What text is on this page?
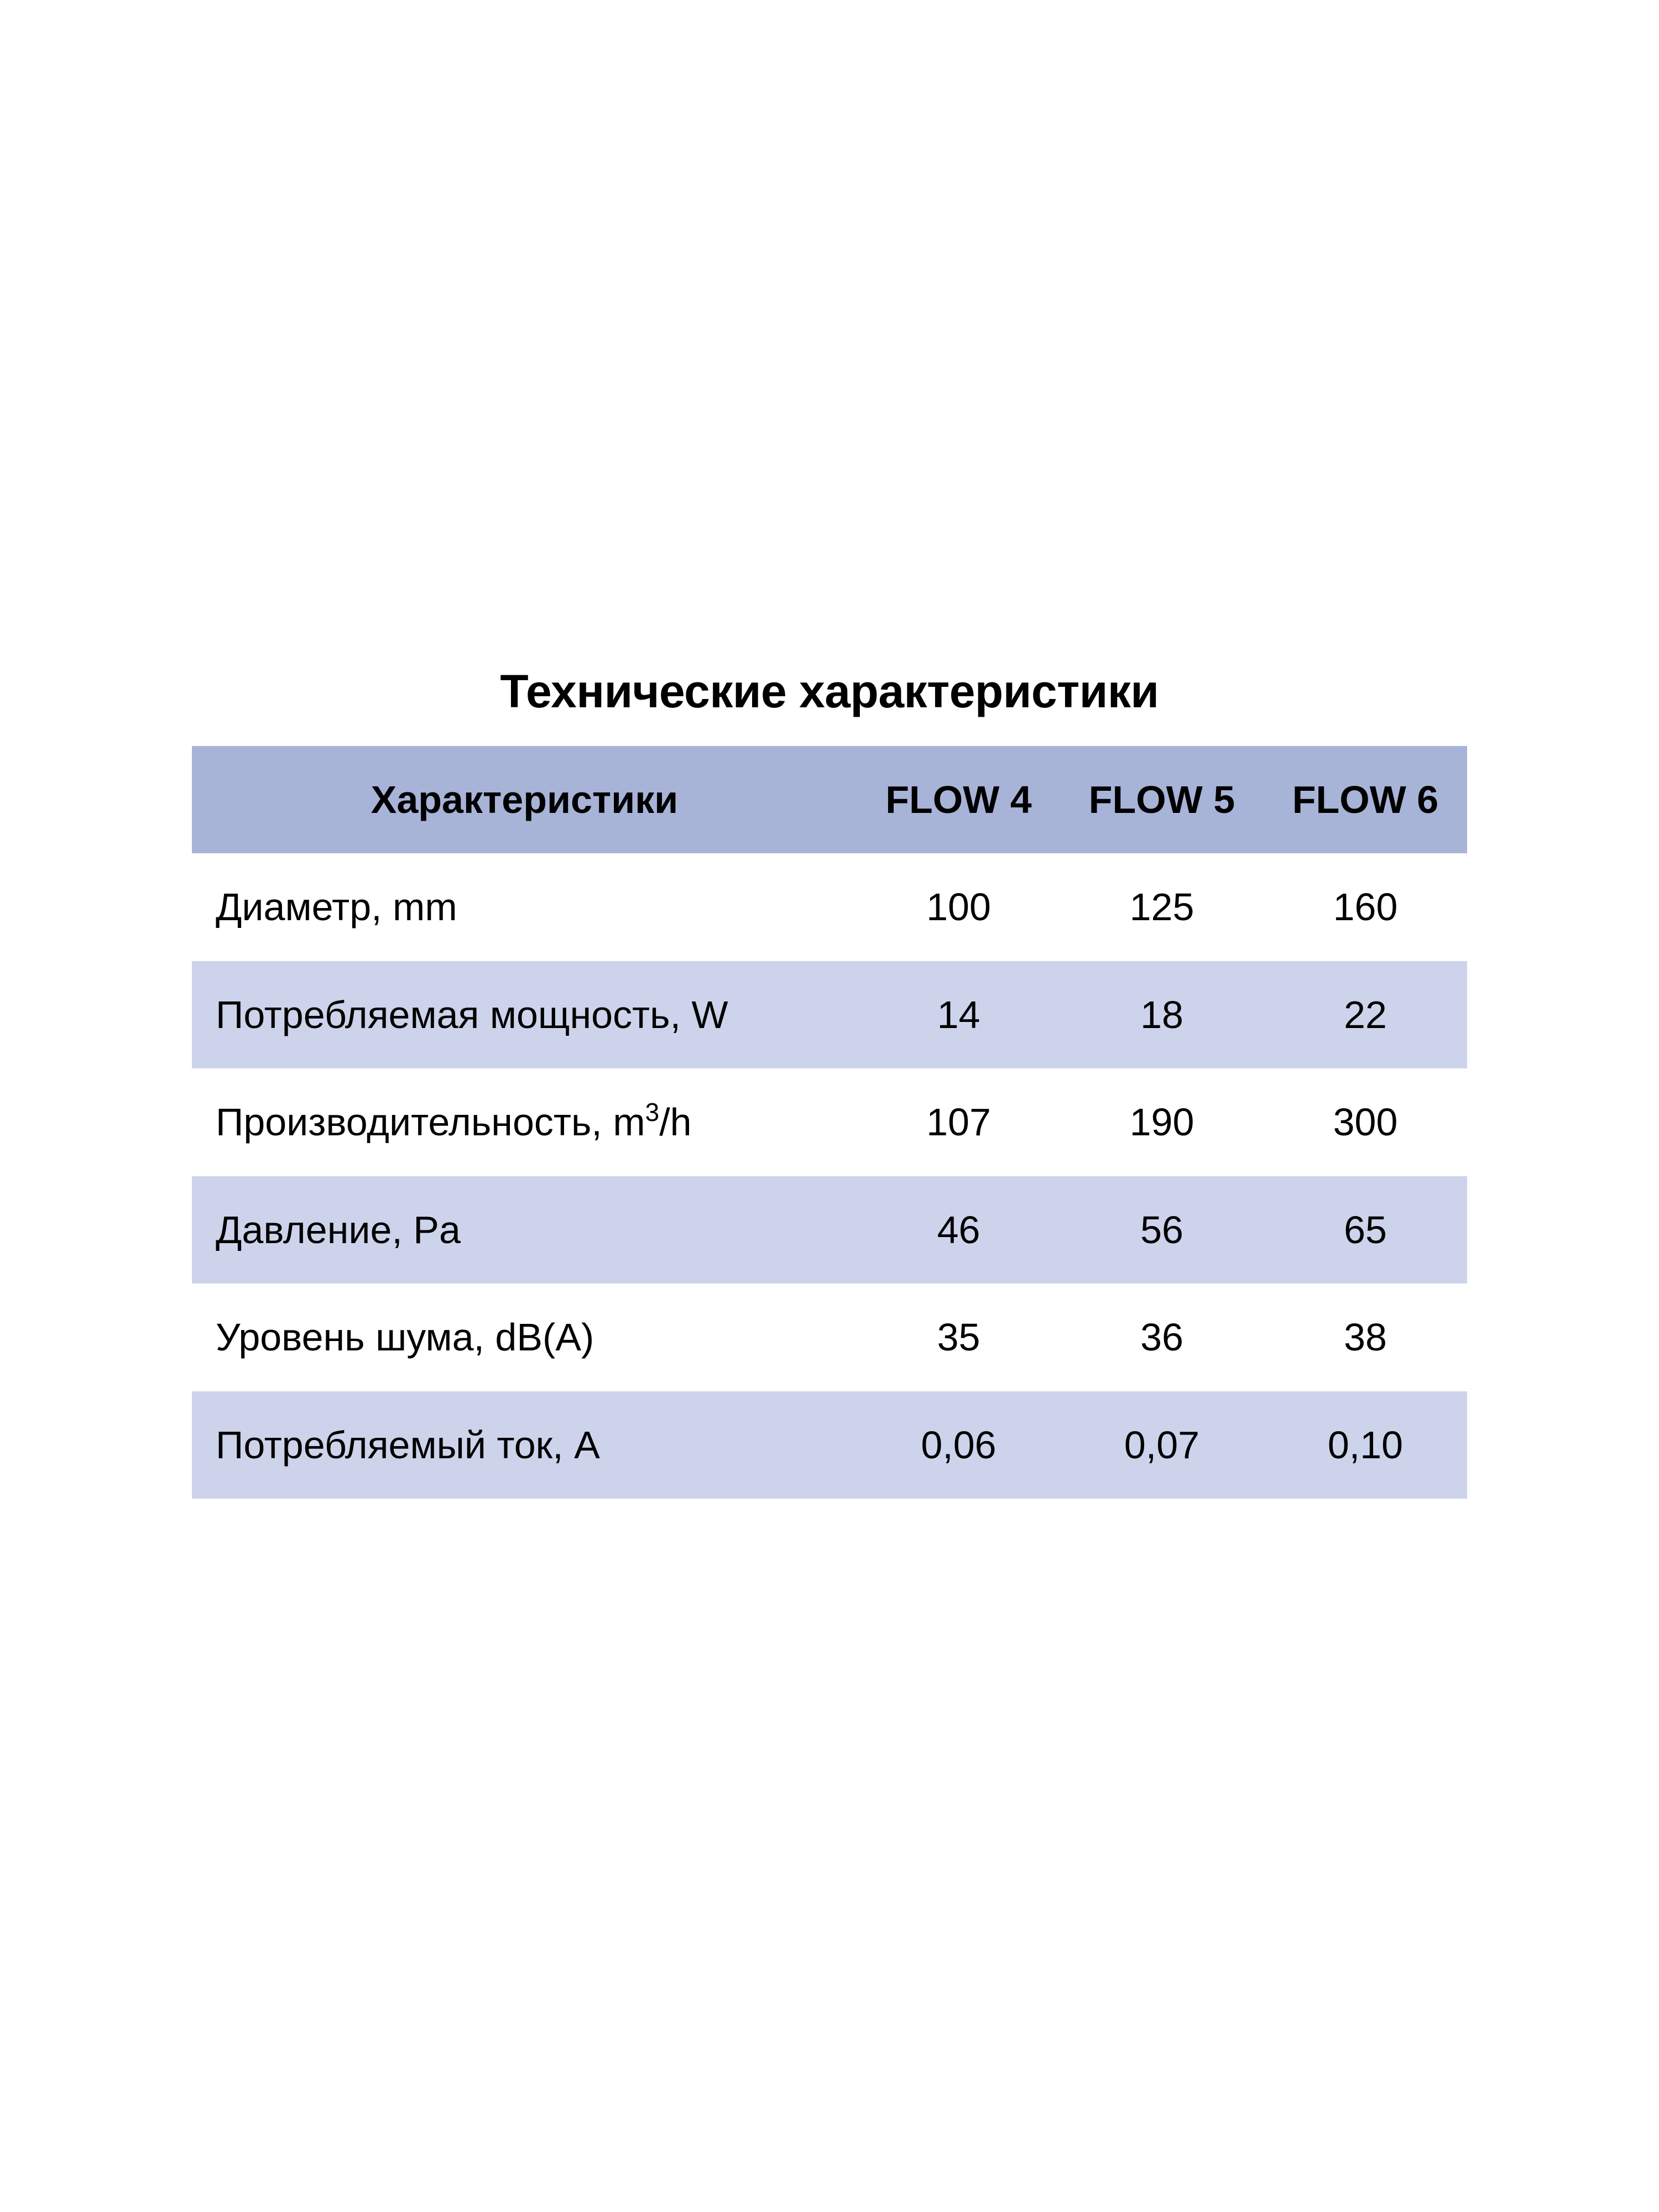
Технические характеристики
Характеристики	FLOW 4	FLOW 5	FLOW 6
Диаметр, mm	100	125	160
Потребляемая мощность, W	14	18	22
Производительность, $m^3/h$	107	190	300
Давление, Pa	46	56	65
Уровень шума, dB(A)	35	36	38
Потребляемый ток, A	0,06	0,07	0,10
